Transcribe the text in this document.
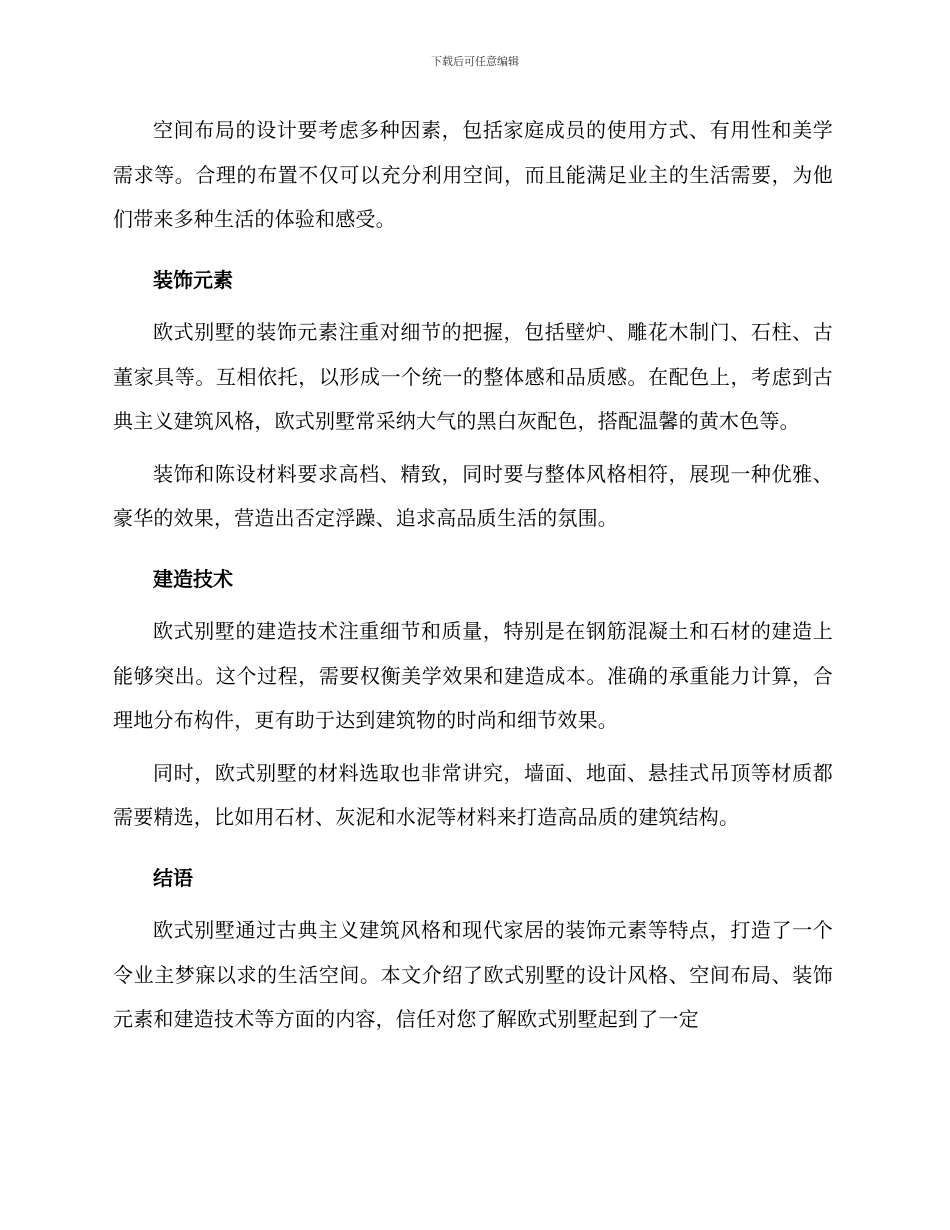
下载后可任意编辑

空间布局的设计要考虑多种因素，包括家庭成员的使用方式、有用性和美学需求等。合理的布置不仅可以充分利用空间，而且能满足业主的生活需要，为他们带来多种生活的体验和感受。

装饰元素

欧式别墅的装饰元素注重对细节的把握，包括壁炉、雕花木制门、石柱、古董家具等。互相依托，以形成一个统一的整体感和品质感。在配色上，考虑到古典主义建筑风格，欧式别墅常采纳大气的黑白灰配色，搭配温馨的黄木色等。

装饰和陈设材料要求高档、精致，同时要与整体风格相符，展现一种优雅、豪华的效果，营造出否定浮躁、追求高品质生活的氛围。

建造技术

欧式别墅的建造技术注重细节和质量，特别是在钢筋混凝土和石材的建造上能够突出。这个过程，需要权衡美学效果和建造成本。准确的承重能力计算，合理地分布构件，更有助于达到建筑物的时尚和细节效果。

同时，欧式别墅的材料选取也非常讲究，墙面、地面、悬挂式吊顶等材质都需要精选，比如用石材、灰泥和水泥等材料来打造高品质的建筑结构。

结语

欧式别墅通过古典主义建筑风格和现代家居的装饰元素等特点，打造了一个令业主梦寐以求的生活空间。本文介绍了欧式别墅的设计风格、空间布局、装饰元素和建造技术等方面的内容，信任对您了解欧式别墅起到了一定
